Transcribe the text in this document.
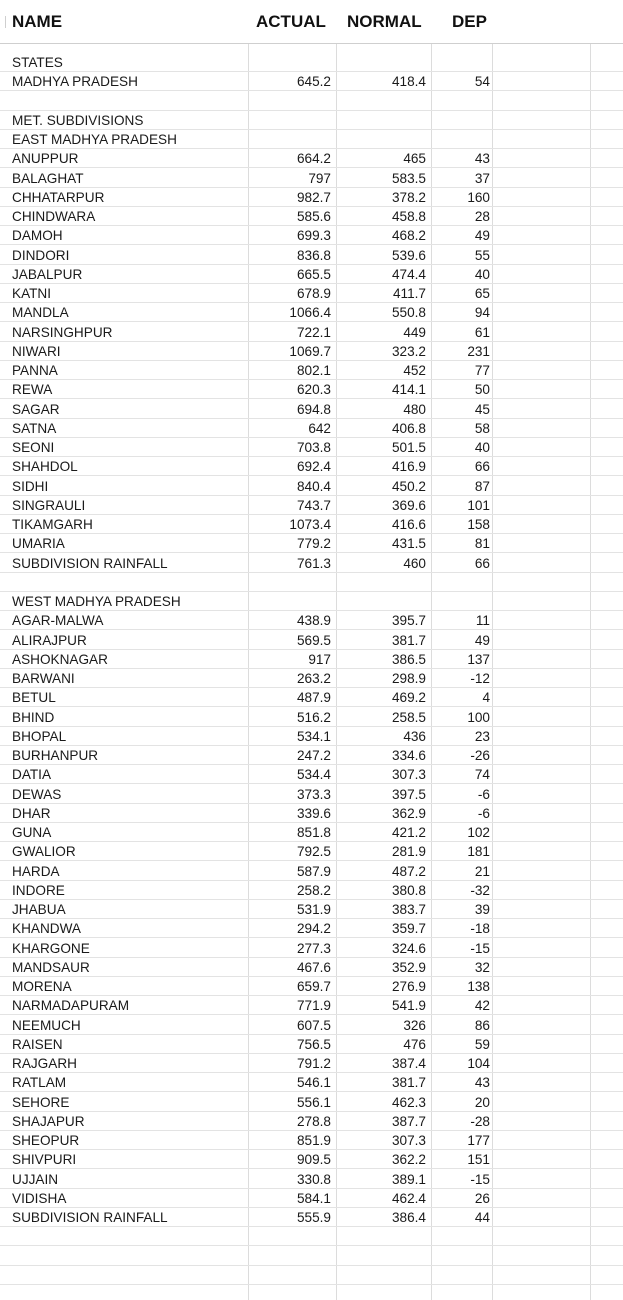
NAME	ACTUAL NORMAL DEP
STATES
MADHYA PRADESH	645.2	418.4	54
MET. SUBDIVISIONS
EAST MADHYA PRADESH
ANUPPUR	664.2	465	43
BALAGHAT	797	583.5	37
CHHATARPUR	982.7	378.2	160
CHINDWARA	585.6	458.8	28
DAMOH	699.3	468.2	49
DINDORI	836.8	539.6	55
JABALPUR	665.5	474.4	40
KATNI	678.9	411.7	65
MANDLA	1066.4	550.8	94
NARSINGHPUR	722.1	449	61
NIWARI	1069.7	323.2	231
PANNA	802.1	452	77
REWA	620.3	414.1	50
SAGAR	694.8	480	45
SATNA	642	406.8	58
SEONI	703.8	501.5	40
SHAHDOL	692.4	416.9	66
SIDHI	840.4	450.2	87
SINGRAULI	743.7	369.6	101
TIKAMGARH	1073.4	416.6	158
UMARIA	779.2	431.5	81
SUBDIVISION RAINFALL	761.3	460	66
WEST MADHYA PRADESH
AGAR-MALWA	438.9	395.7	11
ALIRAJPUR	569.5	381.7	49
ASHOKNAGAR	917	386.5	137
BARWANI	263.2	298.9	-12
BETUL	487.9	469.2	4
BHIND	516.2	258.5	100
BHOPAL	534.1	436	23
BURHANPUR	247.2	334.6	-26
DATIA	534.4	307.3	74
DEWAS	373.3	397.5	-6
DHAR	339.6	362.9	-6
GUNA	851.8	421.2	102
GWALIOR	792.5	281.9	181
HARDA	587.9	487.2	21
INDORE	258.2	380.8	-32
JHABUA	531.9	383.7	39
KHANDWA	294.2	359.7	-18
KHARGONE	277.3	324.6	-15
MANDSAUR	467.6	352.9	32
MORENA	659.7	276.9	138
NARMADAPURAM	771.9	541.9	42
NEEMUCH	607.5	326	86
RAISEN	756.5	476	59
RAJGARH	791.2	387.4	104
RATLAM	546.1	381.7	43
SEHORE	556.1	462.3	20
SHAJAPUR	278.8	387.7	-28
SHEOPUR	851.9	307.3	177
SHIVPURI	909.5	362.2	151
UJJAIN	330.8	389.1	-15
VIDISHA	584.1	462.4	26
SUBDIVISION RAINFALL	555.9	386.4	44
